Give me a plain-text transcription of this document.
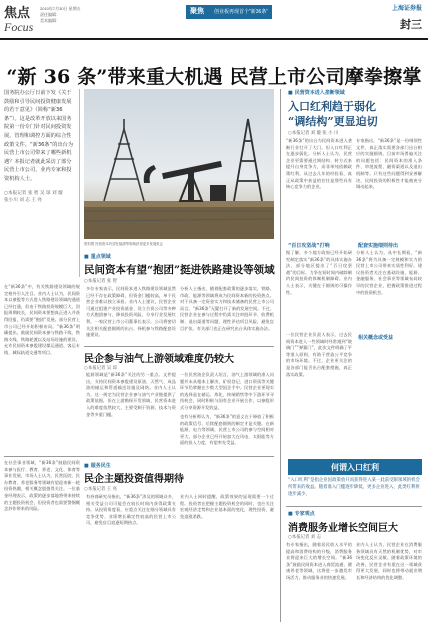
焦点
Focus
2010年7月30日 星期五
责任编辑：
美术编辑：
创业板再现首个"新36条"
聚焦	上海证券报
封三
“新 36 条”带来重大机遇 民营上市公司摩拳擦掌
国务院办公厅日前下发《关于鼓励和引导民间投资健康发展的若干意见》（简称“新36条”）。这是改革开放以来国务院第一份专门针对民间投资发展、管理和调控方面的综合性政策文件。“新36条”的出台为民营上市公司带来了哪些新机遇？本报记者就此采访了部分民营上市公司、业内专家和投资机构人士。
○本报记者 张 智 吴 琼 刘 璇
张小川 刘 志 王 亮
资料图 民营资本有望在能源等领域获得更多发展机会
■ 重点领域
民间资本有望“抱团”挺进铁路建设等领域
○本报记者 张 智
在“新36条”中，有关铁路建设领域的规定格外引人注目。业内人士认为，民间资本以参股等方式进入铁路建设领域的通道已经打通，但由于铁路投资规模巨大、回报周期较长，民间资本要想真正进入并获得回报，仍需要“抱团”发展。部分民营上市公司已经开始积极布局。“新36条”明确提出，鼓励民间资本参与铁路干线、铁路支线、铁路轮渡以及站场设施的建设，允许民间资本参股建设煤运通道、客运专线、城际轨道交通等项目。
多位专家表示，民间资本进入铁路建设领域虽然已经不存在政策障碍，但资金门槛较高，单个民营企业难以独立承担。业内人士建议，民营企业可通过组建产业投资基金、设立合资公司等多种方式抱团参与，降低投资风险，分享行业发展红利。一家民营上市公司董事长表示，公司将密切关注相关配套细则的出台，择机参与铁路配套设施建设。
分析人士指出，随着配套政策的逐步落实，铁路、市政、能源等领域将成为民间资本新的投资热点。对于具备一定资金实力和技术储备的民营上市公司而言，“新36条”无疑打开了新的发展空间。不过，民营企业在参与过程中仍需关注审批环节、收费机制、退出渠道等问题，理性评估项目风险，避免盲目扩张。有关部门也正在研究出台具体实施办法。
民企参与油气上游领域难度仍较大
○本报记者 吴 琼
能源领域是“新36条”关注的另一重点。文件提出，支持民间资本参股建设原油、天然气、成品油的储运和管道输送设施及网络。业内人士认为，这一规定为民营企业参与油气产业链提供了政策依据，但在上游勘探开发领域，民营资本进入的难度依然较大，主要受制于资源、技术与资金等多重门槛。
一位民营油企负责人坦言，油气上游领域的准入问题并未从根本上解决，矿权登记、进口资质等关键环节仍掌握在少数大型国企手中。民营企业更现实的选择是在储运、炼化、终端销售等中下游环节寻找机会，同时积极与国有企业开展合作，以参股形式分享资源开发收益。
也有分析师认为，“新36条”的意义在于释放了积极的政策信号，后续配套细则的制定才是关键。在新能源、电力等领域，民营上市公司的参与空间相对更大，部分企业已经开始加大在风电、太阳能等方面的投入力度，有望率先受益。
■ 服务民生
民企主题投资值得期待
○本报记者 王 亮
在社会事业领域，“新36条”鼓励民间资本参与医疗、教育、养老、文化、体育等事业发展。市场人士认为，民营医院、民办教育、养老服务等领域有望迎来新一轮投资热潮，相关概念股值得关注。一位基金经理表示，政策的逐步落地将带来持续的主题投资机会，但投资者也需要警惕概念炒作带来的风险。
有券商研究员指出，“新36条”涉及的领域众多，相关受益公司可能会在较长时间内获得政策支持。从投资角度看，应重点关注在细分领域具有竞争优势、业绩增长确定性较高的民营上市公司，避免盲目追逐短期热点。
业内人士同时提醒，政策效果的显现需要一个过程。投资者在把握主题投资机会的同时，也应关注宏观经济走势和企业基本面的变化，理性投资，避免追涨杀跌。
■ 民营资本进入垄断领域
入口红利趋于弱化
“调结构”更显迫切
○本报记者 刘 璇 张 小 川
“新36条”的出台为民间资本进入垄断行业打开了大门，但入口红利正在逐步弱化。分析人士认为，民营企业更需要通过调结构、转方式来提升自身竞争力，而非单纯依赖政策红利。从过去几年的经验看，真正从政策中获益的往往是那些具有核心竞争力的企业。
“百日攻坚战”打响
据了解，多个地方政府已经开始研究制定落实“新36条”的具体实施办法，部分地区提出了“百日攻坚战”的目标，力争在短时间内破除制约民间投资的体制机制障碍。业内人士表示，关键在于细则的可操作性。
一位民营企业负责人表示，过去民间资本进入一些领域时经常遇到“玻璃门”“弹簧门”，此次文件明确了平等准入原则，有助于营造公平竞争的市场环境。不过，企业更关注的是各部门能否出台配套措施，真正落实政策。
专家指出，“新36条”是一份纲领性文件，真正落实需要各部门出台相应的实施细则。目前市场普遍关注的问题包括：民间资本的准入条件、审批流程、融资渠道以及退出机制等。只有这些问题得到妥善解决，民间投资的积极性才能被充分调动起来。
配套实施细则待出
分析人士认为，从中长期看，“新36条”将为具备一定规模和实力的民营上市公司带来实质性利好。建议投资者关注在基础设施、能源、金融服务、社会事业等领域布局较早的民营企业，把握政策推进过程中的投资机会。
相关概念或受益
何谓入口红利
“入口红利”是指企业因政策放开而获得进入某一此前受限领域的机会所带来的收益。随着准入门槛逐步降低，更多企业进入，此类红利将逐步减少。
■ 专家观点
消费服务业增长空间巨大
○本报记者 刘 志
有专家指出，随着居民收入水平的提高和消费结构的升级，消费服务业将迎来巨大的增长空间。“新36条”鼓励民间资本进入商贸流通、健康养老等领域，这将进一步激发市场活力，推动服务业的快速发展。
业内人士认为，民营企业在消费服务领域具有天然的机制优势，对市场变化反应灵敏。随着政策环境的改善，民营企业有望在这一领域获得更大发展，同时也将带动就业增长和经济结构的优化调整。
